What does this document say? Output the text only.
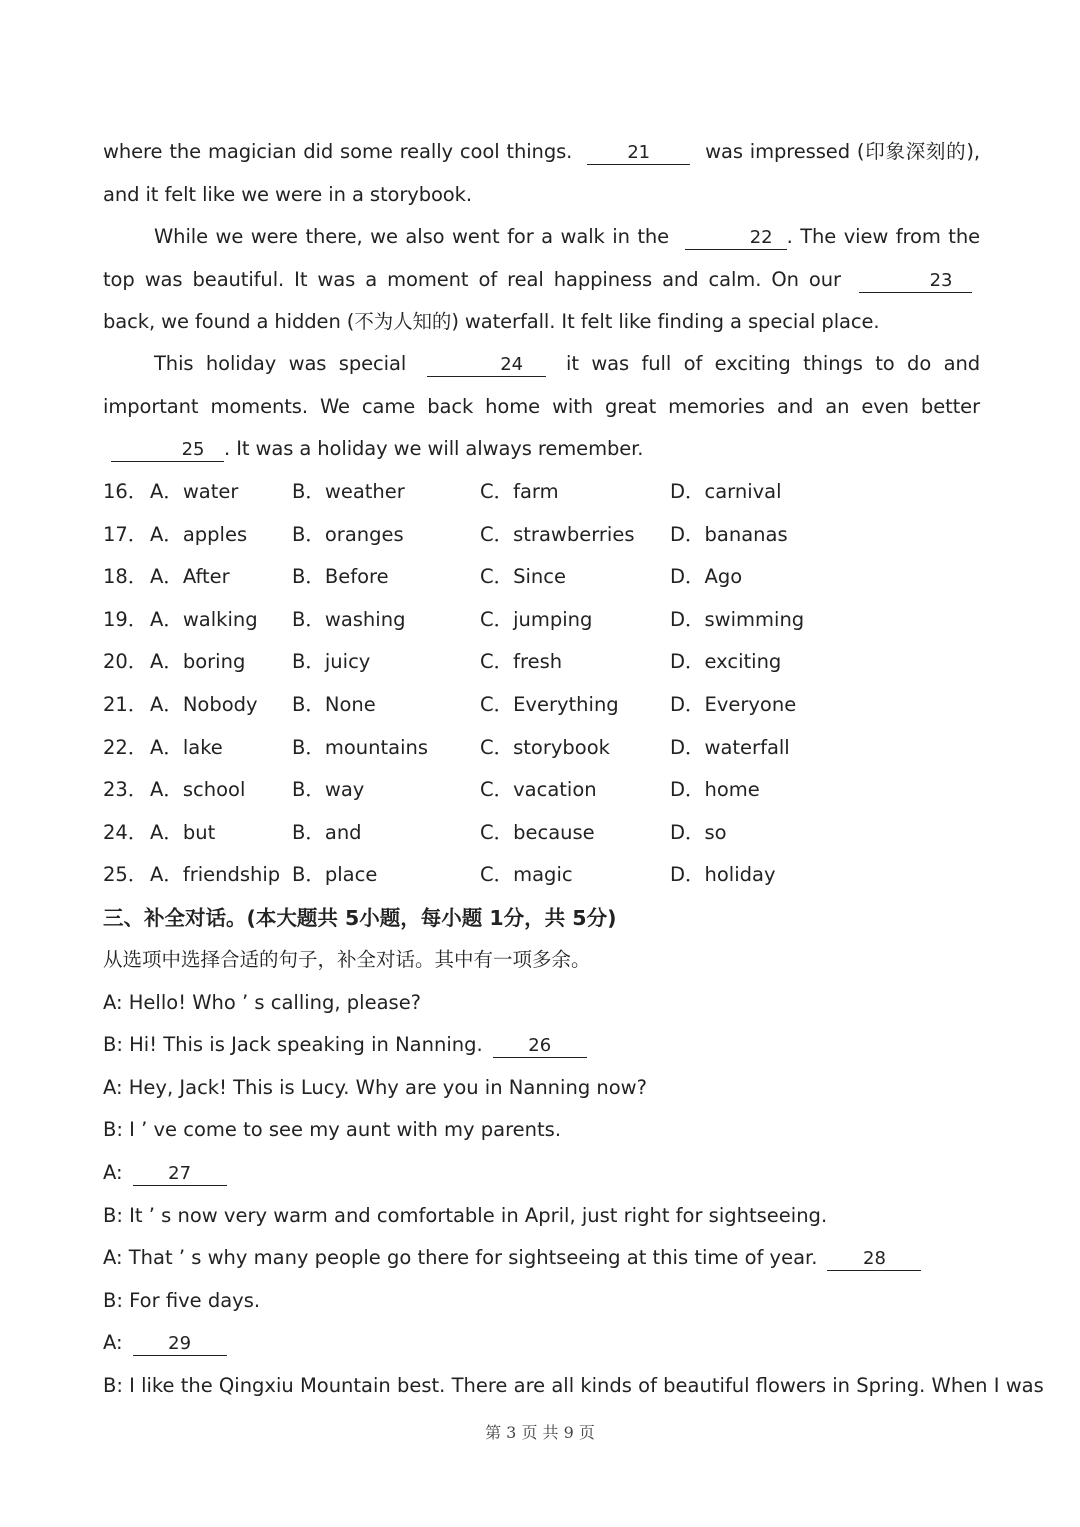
where the magician did some really cool things.	21	was impressed (印象深刻的), and it felt like we were in a storybook.
While we were there, we also went for a walk in the	22 . The view from the top was beautiful. It was a moment of real happiness and calm. On our	23 back, we found a hidden (不为人知的) waterfall. It felt like finding a special place.
This holiday was special	24 it was full of exciting things to do and important moments. We came back home with great memories and an even better 25 . It was a holiday we will always remember.
16． A．water	B．weather	C．farm	D．carnival
17． A．apples B．oranges	C．strawberries D．bananas
18． A．After	B．Before	C．Since	D．Ago
19． A．walking B．washing	C．jumping	D．swimming
20． A．boring B．juicy	C．fresh	D．exciting
21． A．Nobody B．None	C．Everything	D．Everyone
22． A．lake	B．mountains	C．storybook	D．waterfall
23． A．school B．way	C．vacation	D．home
24． A．but	B．and	C．because	D．so
25． A．friendship B．place	C．magic	D．holiday
三、补全对话。(本大题共 5小题，每小题 1分，共 5分)
从选项中选择合适的句子，补全对话。其中有一项多余。
A: Hello! Who ’ s calling, please?
B: Hi! This is Jack speaking in Nanning.	26
A: Hey, Jack! This is Lucy. Why are you in Nanning now?
B: I ’ ve come to see my aunt with my parents.
A:	27
B: It ’ s now very warm and comfortable in April, just right for sightseeing.
A: That ’ s why many people go there for sightseeing at this time of year.	28
B: For five days.
A:	29
B: I like the Qingxiu Mountain best. There are all kinds of beautiful flowers in Spring. When I was
第 3 页 共 9 页
